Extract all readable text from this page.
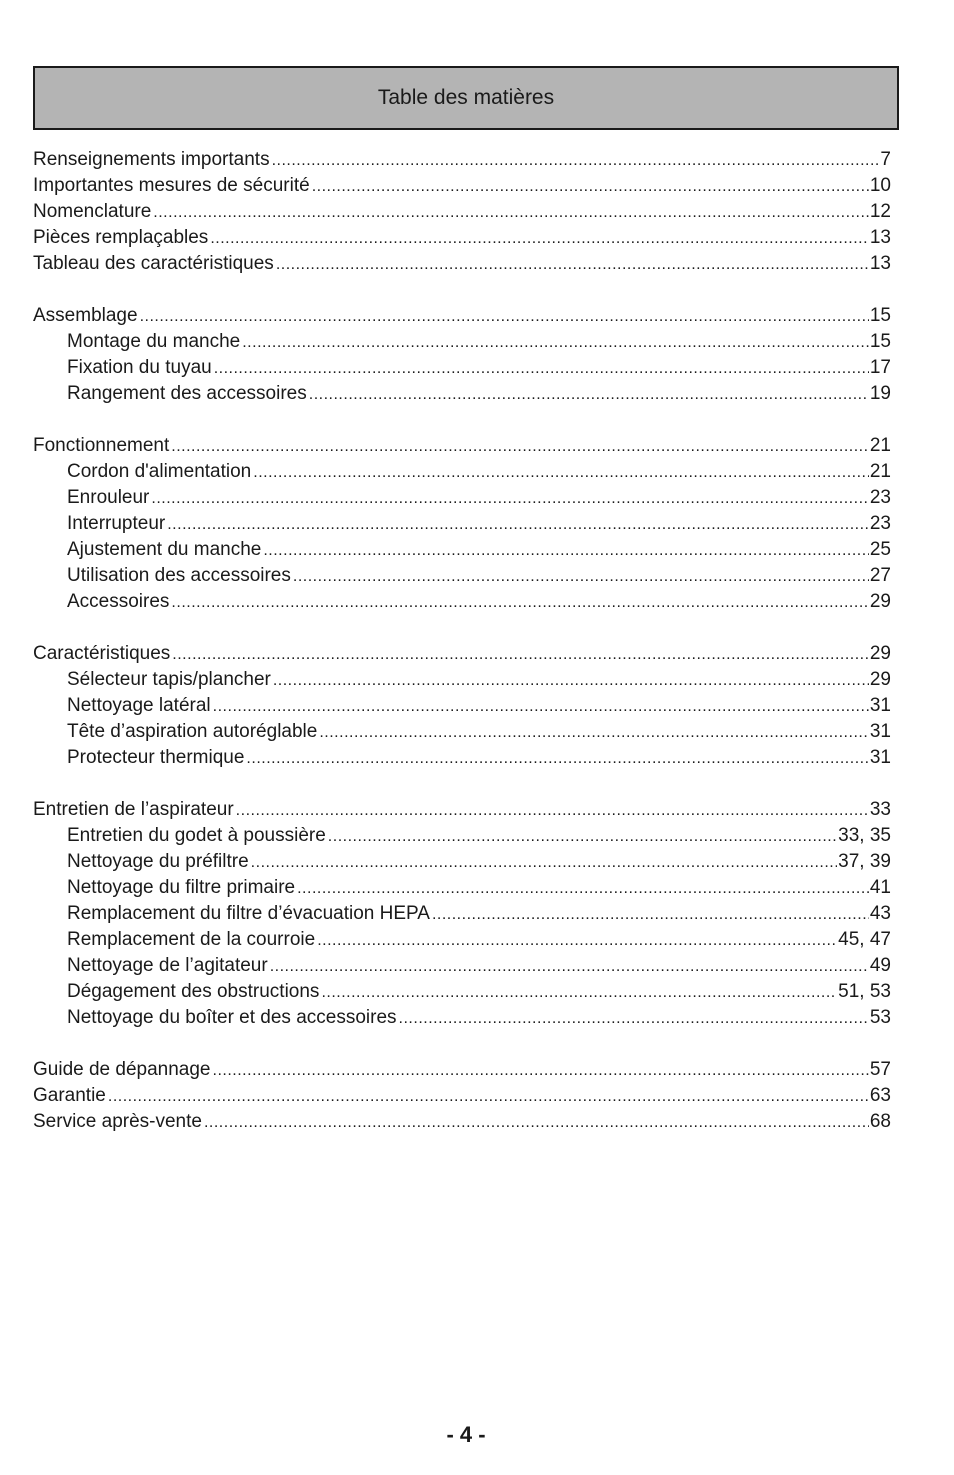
Table des matières
Renseignements importants .....	7
Importantes mesures de sécurité .....	10
Nomenclature .....	12
Pièces remplaçables .....	13
Tableau des caractéristiques .....	13
Assemblage .....	15
Montage du manche .....	15
Fixation du tuyau .....	17
Rangement des accessoires .....	19
Fonctionnement .....	21
Cordon d'alimentation .....	21
Enrouleur .....	23
Interrupteur .....	23
Ajustement du manche .....	25
Utilisation des accessoires .....	27
Accessoires .....	29
Caractéristiques .....	29
Sélecteur tapis/plancher .....	29
Nettoyage latéral .....	31
Tête d’aspiration autoréglable .....	31
Protecteur thermique .....	31
Entretien de l’aspirateur .....	33
Entretien du godet à poussière .....	33, 35
Nettoyage du préfiltre .....	37, 39
Nettoyage du filtre primaire .....	41
Remplacement du filtre d’évacuation HEPA .....	43
Remplacement de la courroie .....	45, 47
Nettoyage de l’agitateur .....	49
Dégagement des obstructions .....	51, 53
Nettoyage du boîter et des accessoires .....	53
Guide de dépannage .....	57
Garantie .....	63
Service après-vente .....	68
- 4 -
